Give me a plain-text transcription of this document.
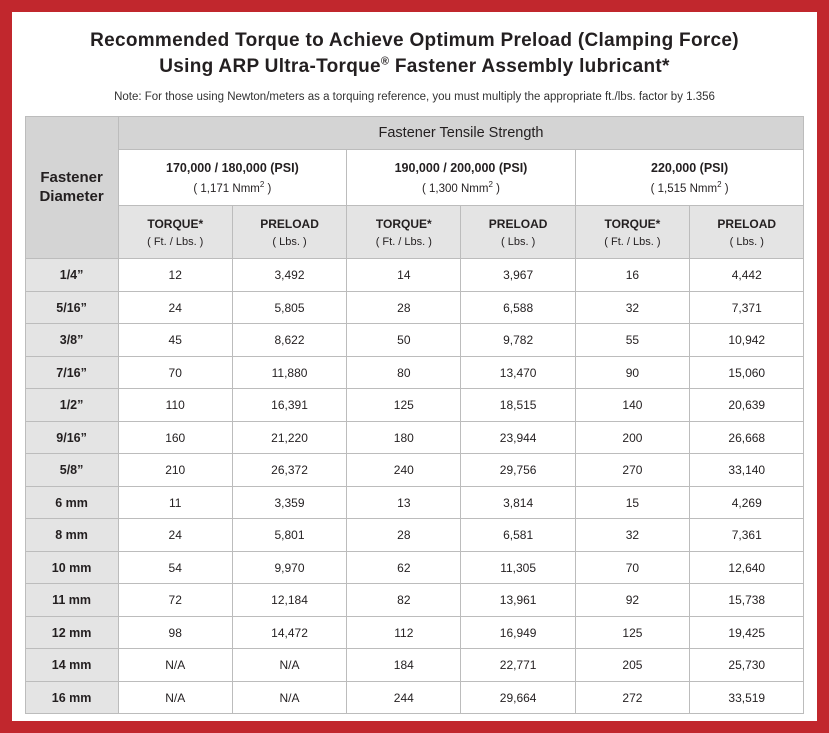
Recommended Torque to Achieve Optimum Preload (Clamping Force)
Using ARP Ultra-Torque® Fastener Assembly lubricant*
Note: For those using Newton/meters as a torquing reference, you must multiply the appropriate ft./lbs. factor by 1.356
Fastener
Diameter	Fastener Tensile Strength					

	170,000 / 180,000 (PSI)
( 1,171 Nmm$^2$ )		190,000 / 200,000 (PSI)
( 1,300 Nmm$^2$ )		220,000 (PSI)
( 1,515 Nmm$^2$ )	

	TORQUE*
( Ft. / Lbs. )	PRELOAD
( Lbs. )	TORQUE*
( Ft. / Lbs. )	PRELOAD
( Lbs. )	TORQUE*
( Ft. / Lbs. )	PRELOAD
( Lbs. )

1/4”	12	3,492	14	3,967	16	4,442
5/16”	24	5,805	28	6,588	32	7,371
3/8”	45	8,622	50	9,782	55	10,942
7/16”	70	11,880	80	13,470	90	15,060
1/2”	110	16,391	125	18,515	140	20,639
9/16”	160	21,220	180	23,944	200	26,668
5/8”	210	26,372	240	29,756	270	33,140
6 mm	11	3,359	13	3,814	15	4,269
8 mm	24	5,801	28	6,581	32	7,361
10 mm	54	9,970	62	11,305	70	12,640
11 mm	72	12,184	82	13,961	92	15,738
12 mm	98	14,472	112	16,949	125	19,425
14 mm	N/A	N/A	184	22,771	205	25,730
16 mm	N/A	N/A	244	29,664	272	33,519
